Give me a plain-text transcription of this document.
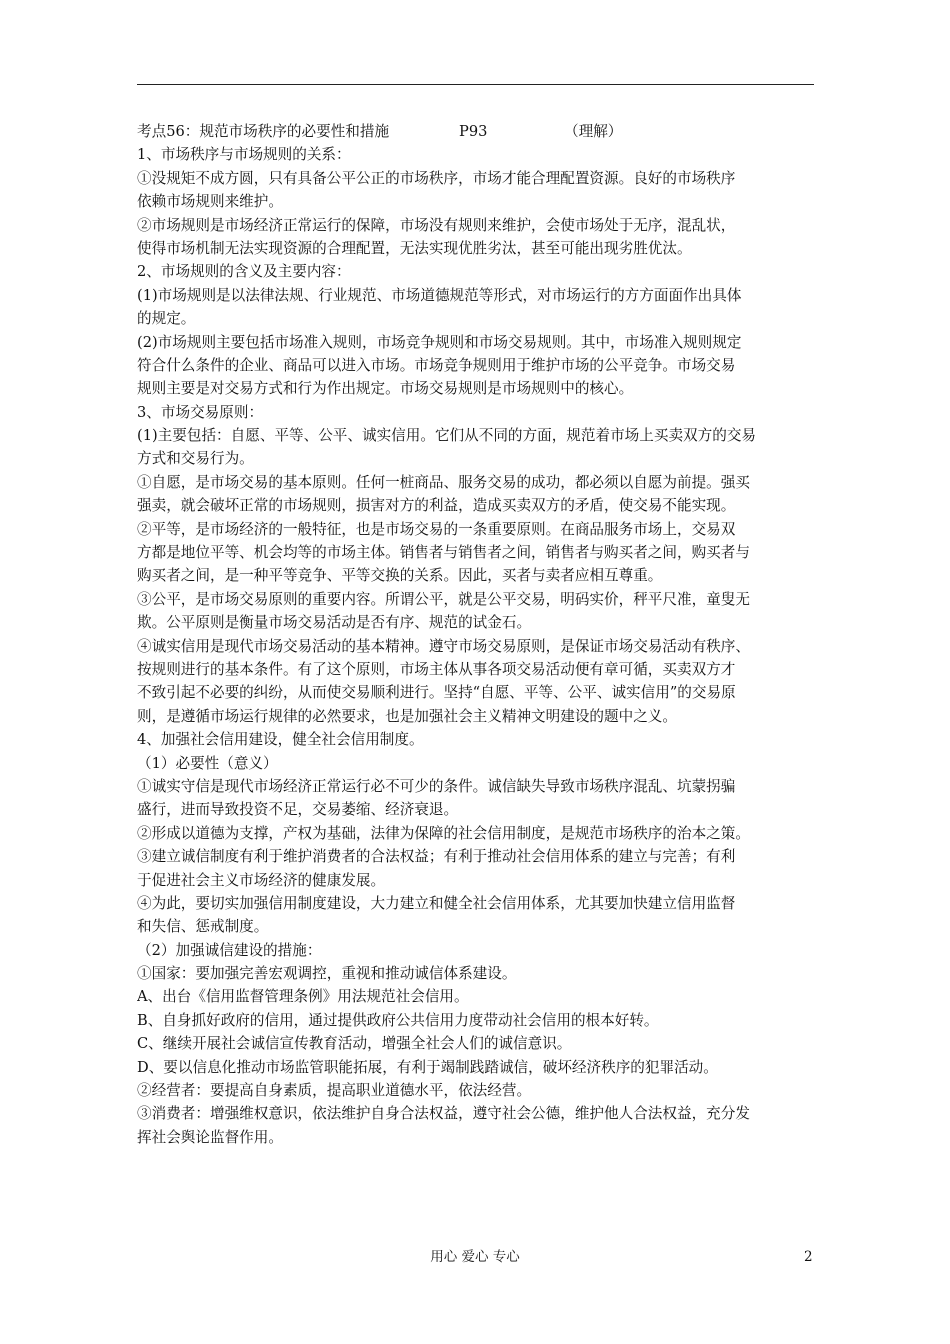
考点56：规范市场秩序的必要性和措施	P93	（理解）
1、市场秩序与市场规则的关系：
①没规矩不成方圆，只有具备公平公正的市场秩序，市场才能合理配置资源。良好的市场秩序
依赖市场规则来维护。
②市场规则是市场经济正常运行的保障，市场没有规则来维护，会使市场处于无序，混乱状，
使得市场机制无法实现资源的合理配置，无法实现优胜劣汰，甚至可能出现劣胜优汰。
2、市场规则的含义及主要内容：
(1)市场规则是以法律法规、行业规范、市场道德规范等形式，对市场运行的方方面面作出具体
的规定。
(2)市场规则主要包括市场准入规则，市场竞争规则和市场交易规则。其中，市场准入规则规定
符合什么条件的企业、商品可以进入市场。市场竞争规则用于维护市场的公平竞争。市场交易
规则主要是对交易方式和行为作出规定。市场交易规则是市场规则中的核心。
3、市场交易原则：
(1)主要包括：自愿、平等、公平、诚实信用。它们从不同的方面，规范着市场上买卖双方的交易
方式和交易行为。
①自愿，是市场交易的基本原则。任何一桩商品、服务交易的成功，都必须以自愿为前提。强买
强卖，就会破坏正常的市场规则，损害对方的利益，造成买卖双方的矛盾，使交易不能实现。
②平等，是市场经济的一般特征，也是市场交易的一条重要原则。在商品服务市场上，交易双
方都是地位平等、机会均等的市场主体。销售者与销售者之间，销售者与购买者之间，购买者与
购买者之间，是一种平等竞争、平等交换的关系。因此，买者与卖者应相互尊重。
③公平，是市场交易原则的重要内容。所谓公平，就是公平交易，明码实价，秤平尺准，童叟无
欺。公平原则是衡量市场交易活动是否有序、规范的试金石。
④诚实信用是现代市场交易活动的基本精神。遵守市场交易原则，是保证市场交易活动有秩序、
按规则进行的基本条件。有了这个原则，市场主体从事各项交易活动便有章可循，买卖双方才
不致引起不必要的纠纷，从而使交易顺利进行。坚持“自愿、平等、公平、诚实信用”的交易原
则，是遵循市场运行规律的必然要求，也是加强社会主义精神文明建设的题中之义。
4、加强社会信用建设，健全社会信用制度。
（1）必要性（意义）
①诚实守信是现代市场经济正常运行必不可少的条件。诚信缺失导致市场秩序混乱、坑蒙拐骗
盛行，进而导致投资不足，交易萎缩、经济衰退。
②形成以道德为支撑，产权为基础，法律为保障的社会信用制度，是规范市场秩序的治本之策。
③建立诚信制度有利于维护消费者的合法权益；有利于推动社会信用体系的建立与完善；有利
于促进社会主义市场经济的健康发展。
④为此，要切实加强信用制度建设，大力建立和健全社会信用体系，尤其要加快建立信用监督
和失信、惩戒制度。
（2）加强诚信建设的措施：
①国家：要加强完善宏观调控，重视和推动诚信体系建设。
A、出台《信用监督管理条例》用法规范社会信用。
B、自身抓好政府的信用，通过提供政府公共信用力度带动社会信用的根本好转。
C、继续开展社会诚信宣传教育活动，增强全社会人们的诚信意识。
D、要以信息化推动市场监管职能拓展，有利于竭制践踏诚信，破坏经济秩序的犯罪活动。
②经营者：要提高自身素质，提高职业道德水平，依法经营。
③消费者：增强维权意识，依法维护自身合法权益，遵守社会公德，维护他人合法权益，充分发
挥社会舆论监督作用。
用心 爱心 专心	2
